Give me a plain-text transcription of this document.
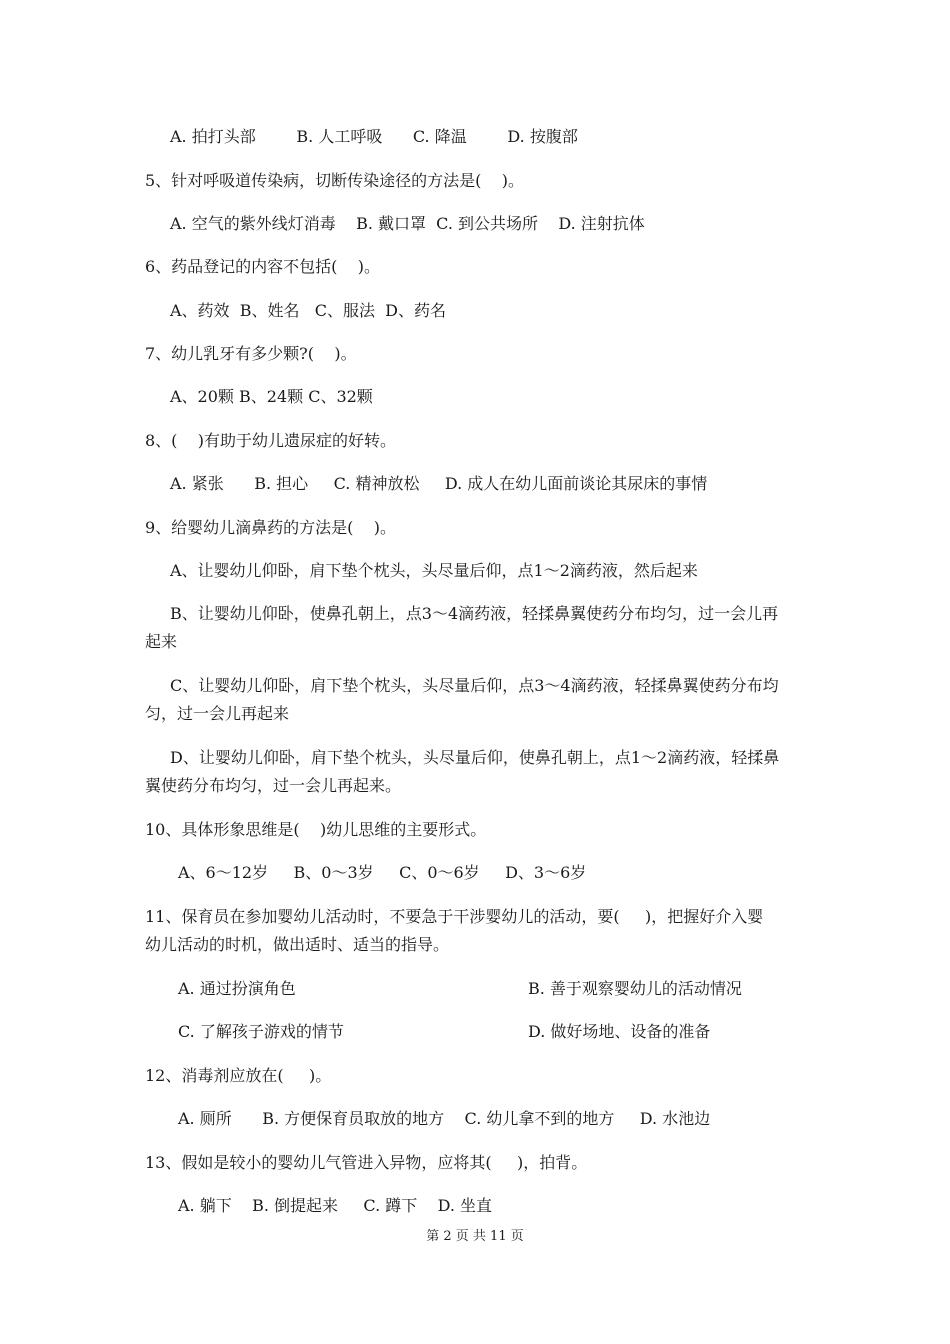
A. 拍打头部        B. 人工呼吸      C. 降温        D. 按腹部
5、针对呼吸道传染病，切断传染途径的方法是(    )。
A. 空气的紫外线灯消毒    B. 戴口罩  C. 到公共场所    D. 注射抗体
6、药品登记的内容不包括(    )。
A、药效  B、姓名   C、服法  D、药名
7、幼儿乳牙有多少颗?(    )。
A、20颗 B、24颗 C、32颗
8、(    )有助于幼儿遗尿症的好转。
A. 紧张      B. 担心     C. 精神放松     D. 成人在幼儿面前谈论其尿床的事情
9、给婴幼儿滴鼻药的方法是(    )。
A、让婴幼儿仰卧，肩下垫个枕头，头尽量后仰，点1～2滴药液，然后起来
B、让婴幼儿仰卧，使鼻孔朝上，点3～4滴药液，轻揉鼻翼使药分布均匀，过一会儿再
起来
C、让婴幼儿仰卧，肩下垫个枕头，头尽量后仰，点3～4滴药液，轻揉鼻翼使药分布均
匀，过一会儿再起来
D、让婴幼儿仰卧，肩下垫个枕头，头尽量后仰，使鼻孔朝上，点1～2滴药液，轻揉鼻
翼使药分布均匀，过一会儿再起来。
10、具体形象思维是(    )幼儿思维的主要形式。
A、6～12岁     B、0～3岁     C、0～6岁     D、3～6岁
11、保育员在参加婴幼儿活动时，不要急于干涉婴幼儿的活动，要(     )，把握好介入婴
幼儿活动的时机，做出适时、适当的指导。
A. 通过扮演角色	B. 善于观察婴幼儿的活动情况
C. 了解孩子游戏的情节	D. 做好场地、设备的准备
12、消毒剂应放在(     )。
A. 厕所      B. 方便保育员取放的地方    C. 幼儿拿不到的地方     D. 水池边
13、假如是较小的婴幼儿气管进入异物，应将其(     )，拍背。
A. 躺下    B. 倒提起来     C. 蹲下    D. 坐直
第 2 页 共 11 页
